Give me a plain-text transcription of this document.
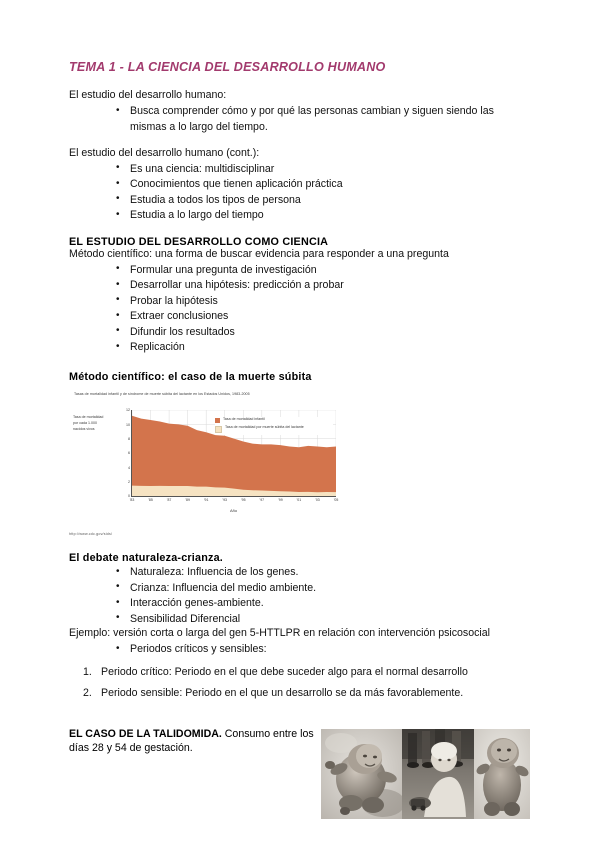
TEMA 1 - LA CIENCIA DEL DESARROLLO HUMANO

El estudio del desarrollo humano:

• Busca comprender cómo y por qué las personas cambian y siguen siendo las mismas a lo largo del tiempo.

El estudio del desarrollo humano (cont.):

• Es una ciencia: multidisciplinar
• Conocimientos que tienen aplicación práctica
• Estudia a todos los tipos de persona
• Estudia a lo largo del tiempo
EL ESTUDIO DEL DESARROLLO COMO CIENCIA

Método científico: una forma de buscar evidencia para responder a una pregunta

• Formular una pregunta de investigación
• Desarrollar una hipótesis: predicción a probar
• Probar la hipótesis
• Extraer conclusiones
• Difundir los resultados
• Replicación
Método científico: el caso de la muerte súbita
Tasas de mortalidad infantil y de síndrome de muerte súbita del lactante en los Estados Unidos, 1983-2005
Tasa de mortalidad por cada 1.000 nacidos vivos
0
2
4
6
8
10
12
'83	'85	'87	'89	'91	'93	'95	'97	'99	'01	'03	'05
Año
Tasa de mortalidad infantil
Tasa de mortalidad por muerte súbita del lactante
http://www.cdc.gov/sids/
El debate naturaleza-crianza.
• Naturaleza: Influencia de los genes.
• Crianza: Influencia del medio ambiente.
• Interacción genes-ambiente.
• Sensibilidad Diferencial

Ejemplo: versión corta o larga del gen 5-HTTLPR en relación con intervención psicosocial

• Periodos críticos y sensibles:
Periodo crítico: Periodo en el que debe suceder algo para el normal desarrollo
Periodo sensible: Periodo en el que un desarrollo se da más favorablemente.

EL CASO DE LA TALIDOMIDA. Consumo entre los días 28 y 54 de gestación.
